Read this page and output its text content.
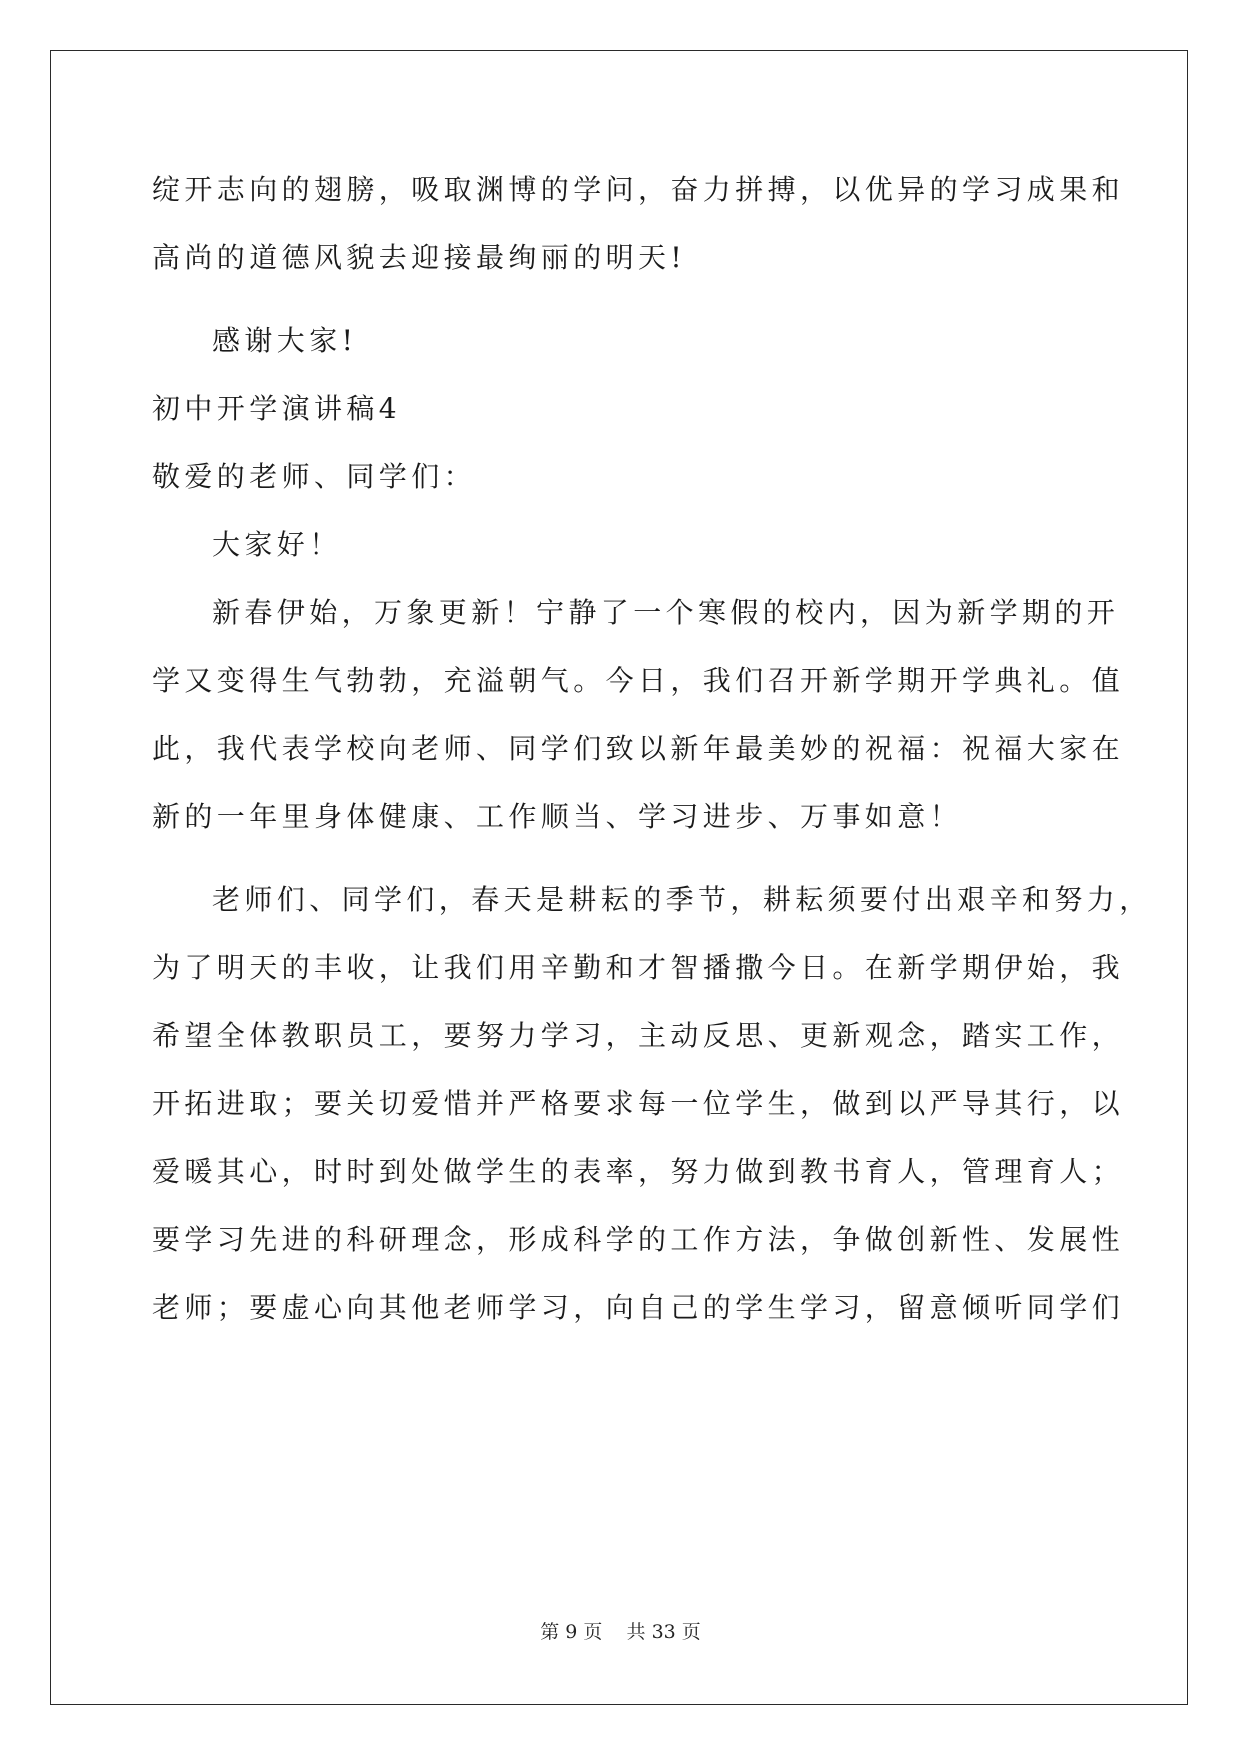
绽开志向的翅膀，吸取渊博的学问，奋力拼搏，以优异的学习成果和
高尚的道德风貌去迎接最绚丽的明天!
感谢大家!
初中开学演讲稿4
敬爱的老师、同学们：
大家好！
新春伊始，万象更新！宁静了一个寒假的校内，因为新学期的开
学又变得生气勃勃，充溢朝气。今日，我们召开新学期开学典礼。值
此，我代表学校向老师、同学们致以新年最美妙的祝福：祝福大家在
新的一年里身体健康、工作顺当、学习进步、万事如意！
老师们、同学们，春天是耕耘的季节，耕耘须要付出艰辛和努力，
为了明天的丰收，让我们用辛勤和才智播撒今日。在新学期伊始，我
希望全体教职员工，要努力学习，主动反思、更新观念，踏实工作，
开拓进取；要关切爱惜并严格要求每一位学生，做到以严导其行，以
爱暖其心，时时到处做学生的表率，努力做到教书育人，管理育人；
要学习先进的科研理念，形成科学的工作方法，争做创新性、发展性
老师；要虚心向其他老师学习，向自己的学生学习，留意倾听同学们
第 9 页    共 33 页
